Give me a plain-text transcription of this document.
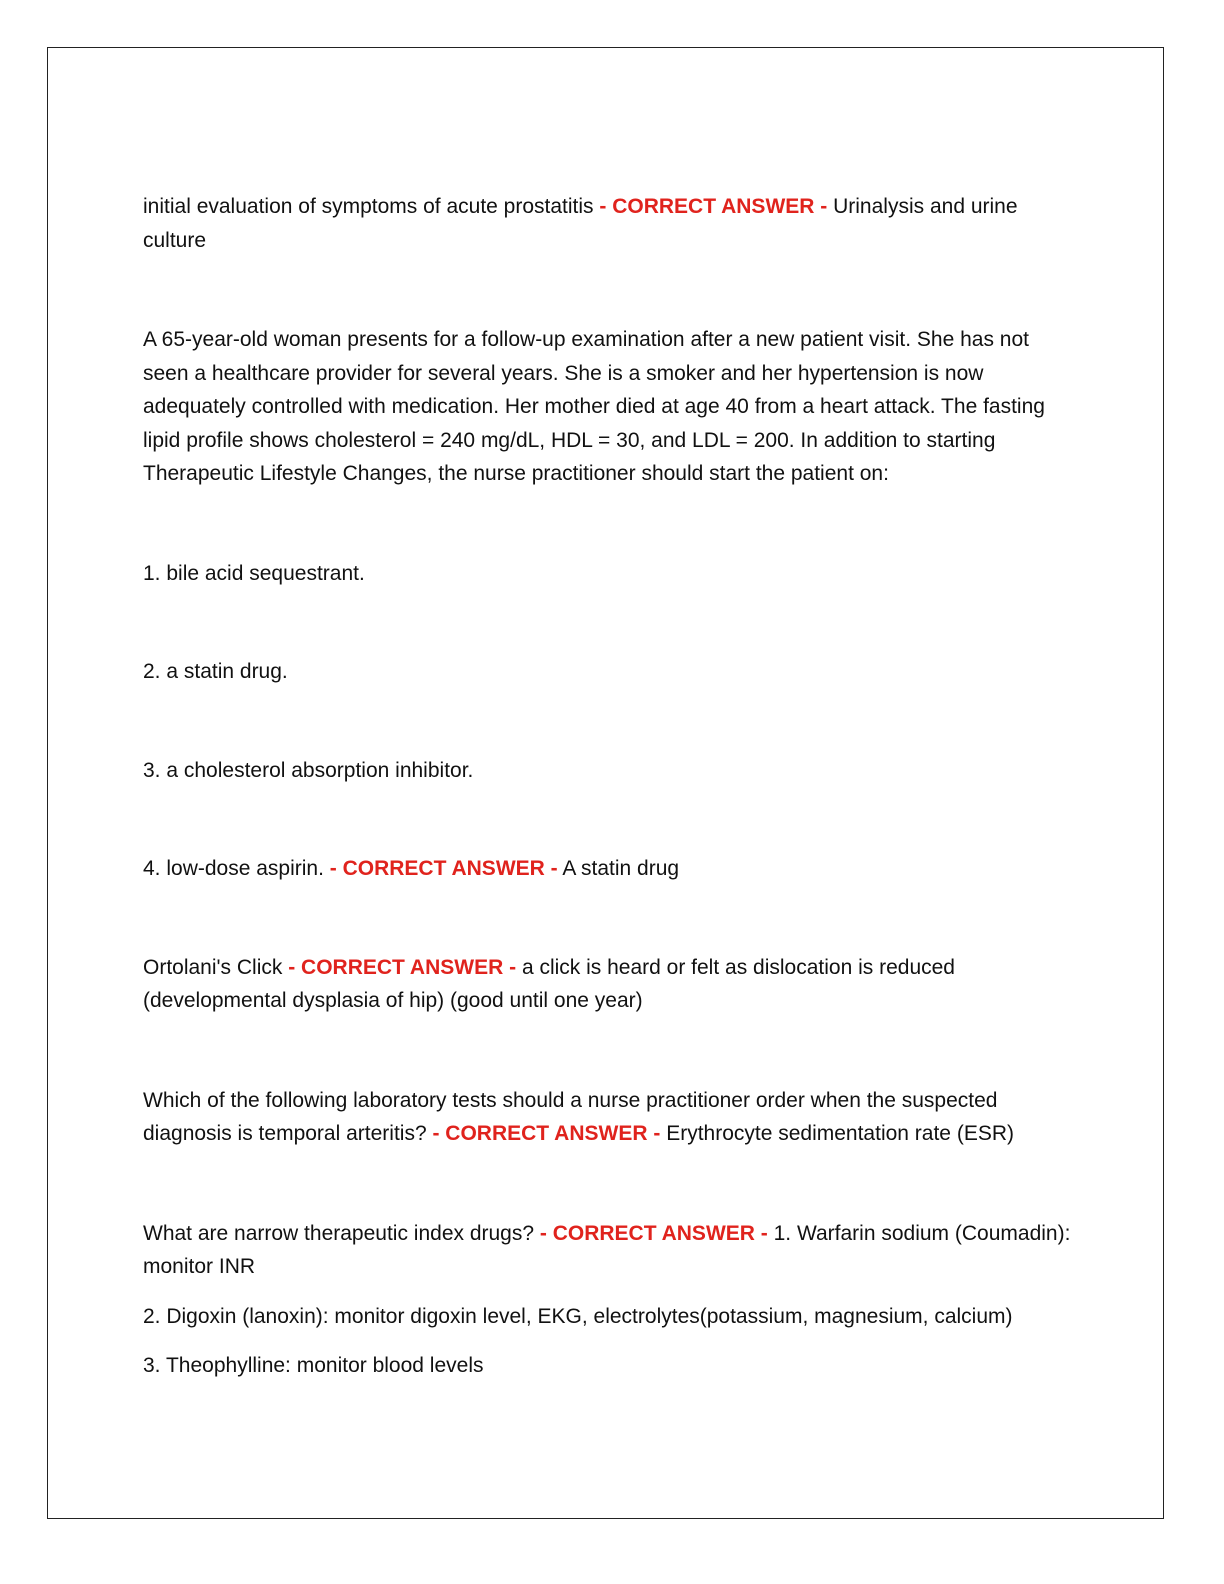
initial evaluation of symptoms of acute prostatitis - CORRECT ANSWER - Urinalysis and urine culture

A 65-year-old woman presents for a follow-up examination after a new patient visit. She has not seen a healthcare provider for several years. She is a smoker and her hypertension is now adequately controlled with medication. Her mother died at age 40 from a heart attack. The fasting lipid profile shows cholesterol = 240 mg/dL, HDL = 30, and LDL = 200. In addition to starting Therapeutic Lifestyle Changes, the nurse practitioner should start the patient on:

1. bile acid sequestrant.

2. a statin drug.

3. a cholesterol absorption inhibitor.

4. low-dose aspirin. - CORRECT ANSWER - A statin drug

Ortolani's Click - CORRECT ANSWER - a click is heard or felt as dislocation is reduced (developmental dysplasia of hip) (good until one year)

Which of the following laboratory tests should a nurse practitioner order when the suspected diagnosis is temporal arteritis? - CORRECT ANSWER - Erythrocyte sedimentation rate (ESR)

What are narrow therapeutic index drugs? - CORRECT ANSWER - 1. Warfarin sodium (Coumadin): monitor INR

2. Digoxin (lanoxin): monitor digoxin level, EKG, electrolytes(potassium, magnesium, calcium)

3. Theophylline: monitor blood levels
